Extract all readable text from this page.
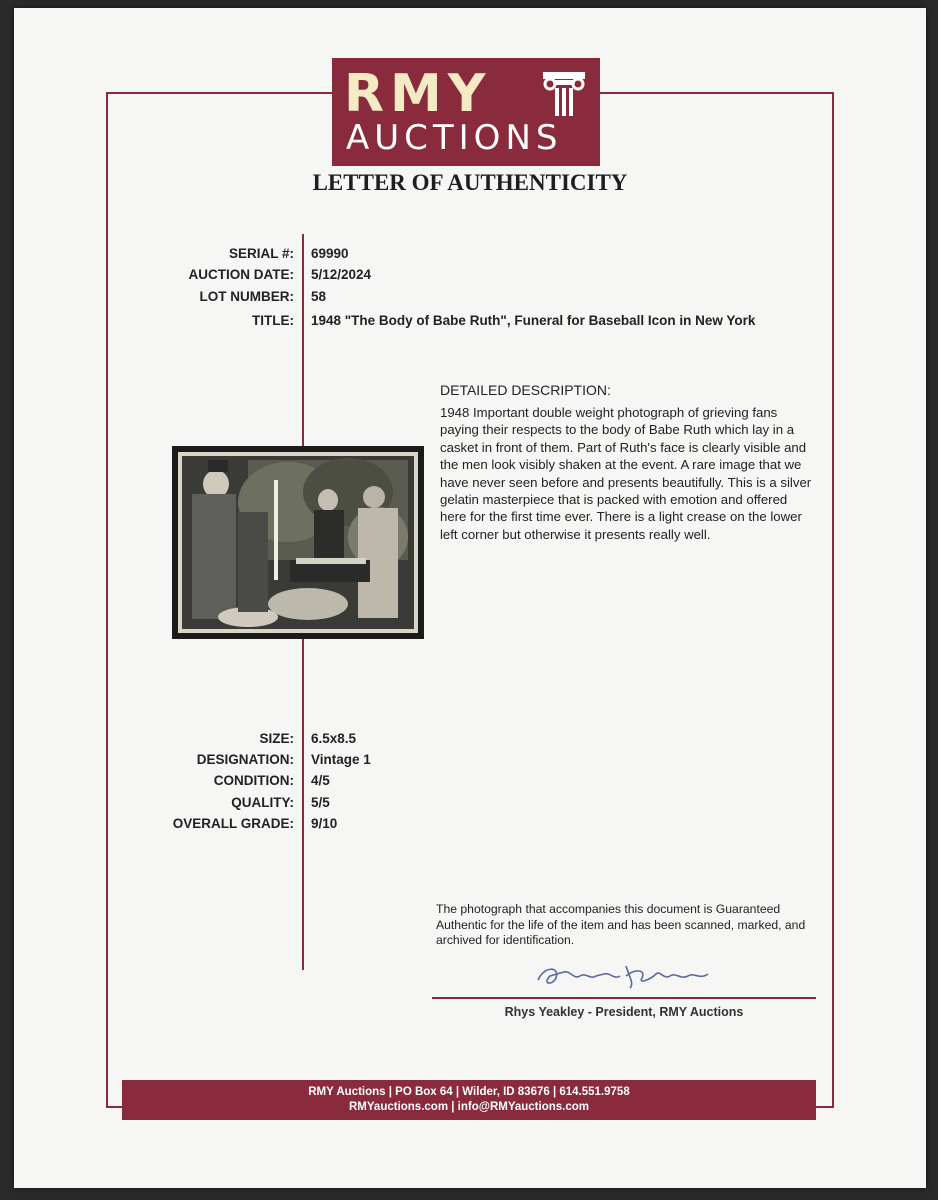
RMY
AUCTIONS
LETTER OF AUTHENTICITY
SERIAL #: 69990
AUCTION DATE: 5/12/2024
LOT NUMBER: 58
TITLE: 1948 "The Body of Babe Ruth", Funeral for Baseball Icon in New York
DETAILED DESCRIPTION:
1948 Important double weight photograph of grieving fans paying their respects to the body of Babe Ruth which lay in a casket in front of them. Part of Ruth's face is clearly visible and the men look visibly shaken at the event. A rare image that we have never seen before and presents beautifully. This is a silver gelatin masterpiece that is packed with emotion and offered here for the first time ever. There is a light crease on the lower left corner but otherwise it presents really well.
SIZE: 6.5x8.5
DESIGNATION: Vintage 1
CONDITION: 4/5
QUALITY: 5/5
OVERALL GRADE: 9/10
The photograph that accompanies this document is Guaranteed Authentic for the life of the item and has been scanned, marked, and archived for identification.
Rhys Yeakley - President, RMY Auctions
RMY Auctions | PO Box 64 | Wilder, ID 83676 | 614.551.9758
RMYauctions.com | info@RMYauctions.com
